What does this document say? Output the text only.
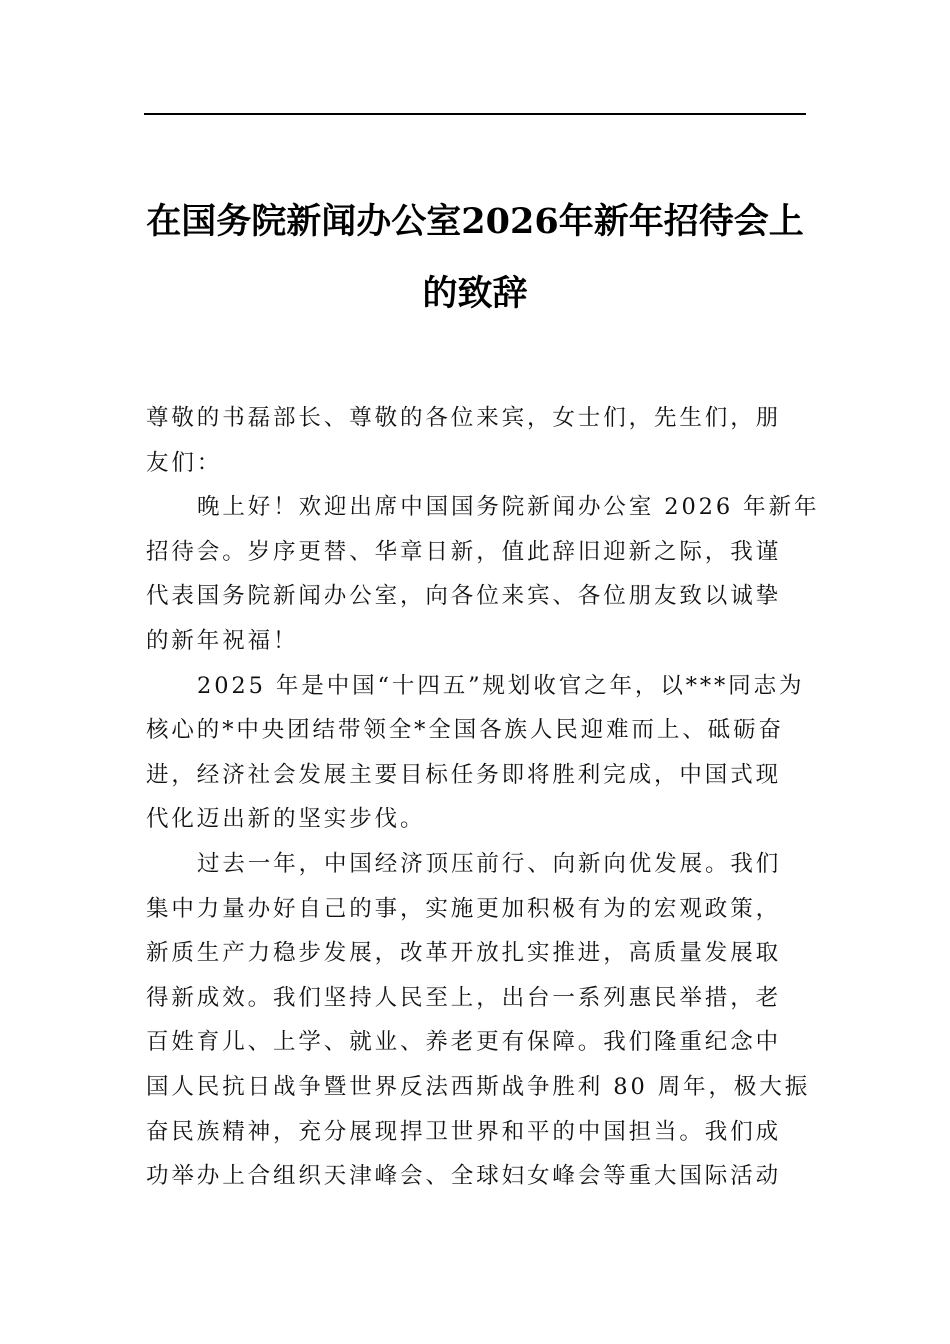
在国务院新闻办公室2026年新年招待会上
的致辞

尊敬的书磊部长、尊敬的各位来宾，女士们，先生们，朋
友们：

晚上好！欢迎出席中国国务院新闻办公室 2026 年新年
招待会。岁序更替、华章日新，值此辞旧迎新之际，我谨
代表国务院新闻办公室，向各位来宾、各位朋友致以诚挚
的新年祝福！

2025 年是中国“十四五”规划收官之年，以***同志为
核心的*中央团结带领全*全国各族人民迎难而上、砥砺奋
进，经济社会发展主要目标任务即将胜利完成，中国式现
代化迈出新的坚实步伐。

过去一年，中国经济顶压前行、向新向优发展。我们
集中力量办好自己的事，实施更加积极有为的宏观政策，
新质生产力稳步发展，改革开放扎实推进，高质量发展取
得新成效。我们坚持人民至上，出台一系列惠民举措，老
百姓育儿、上学、就业、养老更有保障。我们隆重纪念中
国人民抗日战争暨世界反法西斯战争胜利 80 周年，极大振
奋民族精神，充分展现捍卫世界和平的中国担当。我们成
功举办上合组织天津峰会、全球妇女峰会等重大国际活动
